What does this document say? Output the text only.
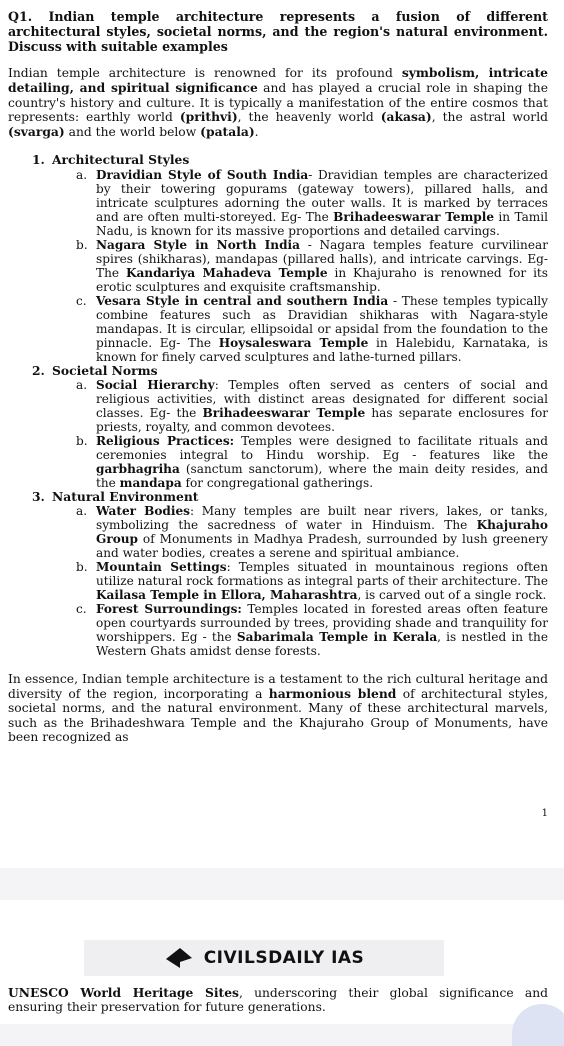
Q1. Indian temple architecture represents a fusion of different architectural styles, societal norms, and the region's natural environment. Discuss with suitable examples

Indian temple architecture is renowned for its profound symbolism, intricate detailing, and spiritual significance and has played a crucial role in shaping the country's history and culture. It is typically a manifestation of the entire cosmos that represents: earthly world (prithvi), the heavenly world (akasa), the astral world (svarga) and the world below (patala).

1. Architectural Styles
a. Dravidian Style of South India- Dravidian temples are characterized by their towering gopurams (gateway towers), pillared halls, and intricate sculptures adorning the outer walls. It is marked by terraces and are often multi-storeyed. Eg- The Brihadeeswarar Temple in Tamil Nadu, is known for its massive proportions and detailed carvings.
b. Nagara Style in North India - Nagara temples feature curvilinear spires (shikharas), mandapas (pillared halls), and intricate carvings. Eg- The Kandariya Mahadeva Temple in Khajuraho is renowned for its erotic sculptures and exquisite craftsmanship.
c. Vesara Style in central and southern India - These temples typically combine features such as Dravidian shikharas with Nagara-style mandapas. It is circular, ellipsoidal or apsidal from the foundation to the pinnacle. Eg- The Hoysaleswara Temple in Halebidu, Karnataka, is known for finely carved sculptures and lathe-turned pillars.
2. Societal Norms
a. Social Hierarchy: Temples often served as centers of social and religious activities, with distinct areas designated for different social classes. Eg- the Brihadeeswarar Temple has separate enclosures for priests, royalty, and common devotees.
b. Religious Practices: Temples were designed to facilitate rituals and ceremonies integral to Hindu worship. Eg - features like the garbhagriha (sanctum sanctorum), where the main deity resides, and the mandapa for congregational gatherings.
3. Natural Environment
a. Water Bodies: Many temples are built near rivers, lakes, or tanks, symbolizing the sacredness of water in Hinduism. The Khajuraho Group of Monuments in Madhya Pradesh, surrounded by lush greenery and water bodies, creates a serene and spiritual ambiance.
b. Mountain Settings: Temples situated in mountainous regions often utilize natural rock formations as integral parts of their architecture. The Kailasa Temple in Ellora, Maharashtra, is carved out of a single rock.
c. Forest Surroundings: Temples located in forested areas often feature open courtyards surrounded by trees, providing shade and tranquility for worshippers. Eg - the Sabarimala Temple in Kerala, is nestled in the Western Ghats amidst dense forests.

In essence, Indian temple architecture is a testament to the rich cultural heritage and diversity of the region, incorporating a harmonious blend of architectural styles, societal norms, and the natural environment. Many of these architectural marvels, such as the Brihadeshwara Temple and the Khajuraho Group of Monuments, have been recognized as

1
CIVILSDAILY IAS
UNESCO World Heritage Sites, underscoring their global significance and ensuring their preservation for future generations.
